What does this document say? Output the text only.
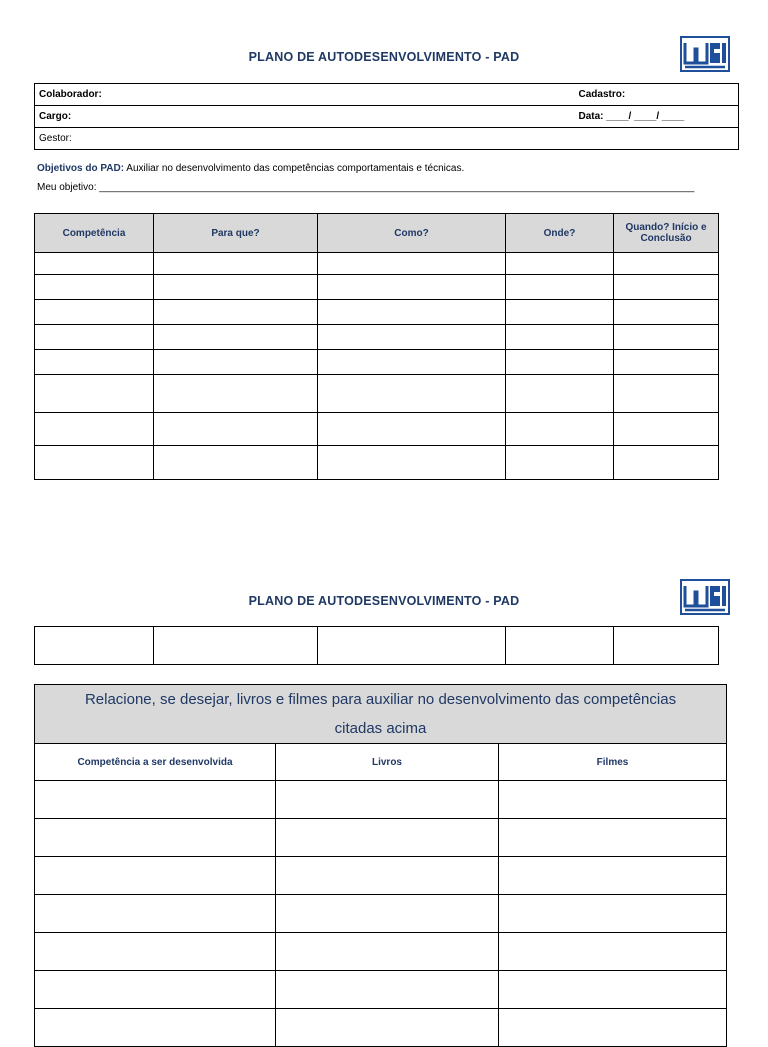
PLANO DE AUTODESENVOLVIMENTO - PAD
Colaborador:	Cadastro:
Cargo:	Data: ____/ ____/ ____
Gestor:	
Objetivos do PAD: Auxiliar no desenvolvimento das competências comportamentais e técnicas.
Meu objetivo: ___________________________________________________________________________________________________________
Competência	Para que?	Como?	Onde?	Quando? Início e Conclusão

PLANO DE AUTODESENVOLVIMENTO - PAD

Relacione, se desejar, livros e filmes para auxiliar no desenvolvimento das competências citadas acima		
Competência a ser desenvolvida	Livros	Filmes
